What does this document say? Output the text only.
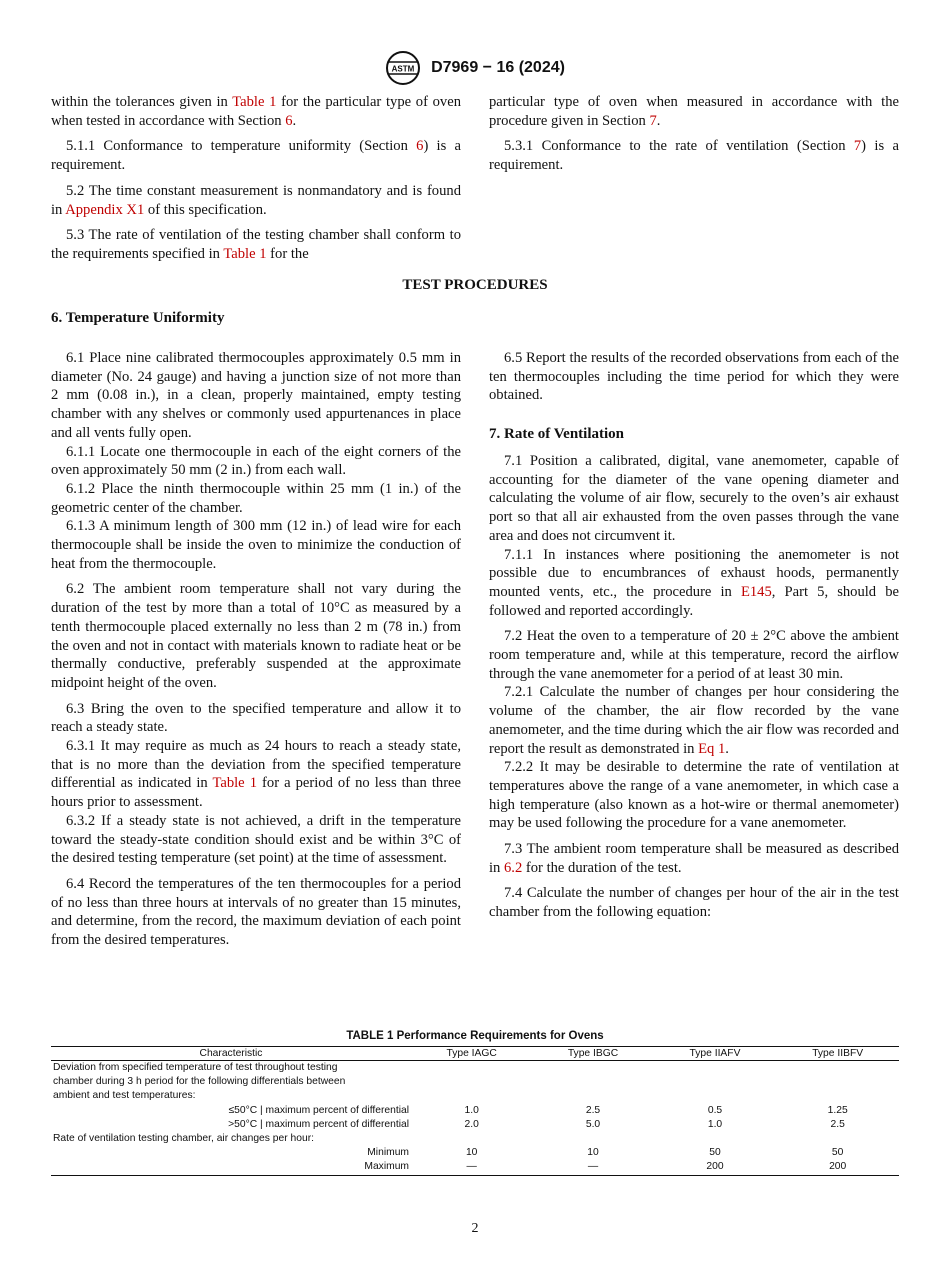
ASTM D7969 − 16 (2024)

within the tolerances given in Table 1 for the particular type of oven when tested in accordance with Section 6.

5.1.1 Conformance to temperature uniformity (Section 6) is a requirement.

5.2 The time constant measurement is nonmandatory and is found in Appendix X1 of this specification.

5.3 The rate of ventilation of the testing chamber shall conform to the requirements specified in Table 1 for the

particular type of oven when measured in accordance with the procedure given in Section 7.

5.3.1 Conformance to the rate of ventilation (Section 7) is a requirement.

TEST PROCEDURES
6. Temperature Uniformity

6.1 Place nine calibrated thermocouples approximately 0.5 mm in diameter (No. 24 gauge) and having a junction size of not more than 2 mm (0.08 in.), in a clean, properly maintained, empty testing chamber with any shelves or commonly used appurtenances in place and all vents fully open.

6.1.1 Locate one thermocouple in each of the eight corners of the oven approximately 50 mm (2 in.) from each wall.

6.1.2 Place the ninth thermocouple within 25 mm (1 in.) of the geometric center of the chamber.

6.1.3 A minimum length of 300 mm (12 in.) of lead wire for each thermocouple shall be inside the oven to minimize the conduction of heat from the thermocouple.

6.2 The ambient room temperature shall not vary during the duration of the test by more than a total of 10°C as measured by a tenth thermocouple placed externally no less than 2 m (78 in.) from the oven and not in contact with materials known to radiate heat or be thermally conductive, preferably suspended at the approximate midpoint height of the oven.

6.3 Bring the oven to the specified temperature and allow it to reach a steady state.

6.3.1 It may require as much as 24 hours to reach a steady state, that is no more than the deviation from the specified temperature differential as indicated in Table 1 for a period of no less than three hours prior to assessment.

6.3.2 If a steady state is not achieved, a drift in the temperature toward the steady-state condition should exist and be within 3°C of the desired testing temperature (set point) at the time of assessment.

6.4 Record the temperatures of the ten thermocouples for a period of no less than three hours at intervals of no greater than 15 minutes, and determine, from the record, the maximum deviation of each point from the desired temperatures.

6.5 Report the results of the recorded observations from each of the ten thermocouples including the time period for which they were obtained.

7. Rate of Ventilation

7.1 Position a calibrated, digital, vane anemometer, capable of accounting for the diameter of the vane opening diameter and calculating the volume of air flow, securely to the oven’s air exhaust port so that all air exhausted from the oven passes through the vane area and does not circumvent it.

7.1.1 In instances where positioning the anemometer is not possible due to encumbrances of exhaust hoods, permanently mounted vents, etc., the procedure in E145, Part 5, should be followed and reported accordingly.

7.2 Heat the oven to a temperature of 20 ± 2°C above the ambient room temperature and, while at this temperature, record the airflow through the vane anemometer for a period of at least 30 min.

7.2.1 Calculate the number of changes per hour considering the volume of the chamber, the air flow recorded by the vane anemometer, and the time during which the air flow was recorded and report the result as demonstrated in Eq 1.

7.2.2 It may be desirable to determine the rate of ventilation at temperatures above the range of a vane anemometer, in which case a high temperature (also known as a hot-wire or thermal anemometer) may be used following the procedure for a vane anemometer.

7.3 The ambient room temperature shall be measured as described in 6.2 for the duration of the test.

7.4 Calculate the number of changes per hour of the air in the test chamber from the following equation:

TABLE 1 Performance Requirements for Ovens
Characteristic	Type IAGC	Type IBGC	Type IIAFV	Type IIBFV
Deviation from specified temperature of test throughout testing				
chamber during 3 h period for the following differentials between				
ambient and test temperatures:				
≤50°C | maximum percent of differential	1.0	2.5	0.5	1.25
>50°C | maximum percent of differential	2.0	5.0	1.0	2.5
Rate of ventilation testing chamber, air changes per hour:				
Minimum	10	10	50	50
Maximum	—	—	200	200
2
